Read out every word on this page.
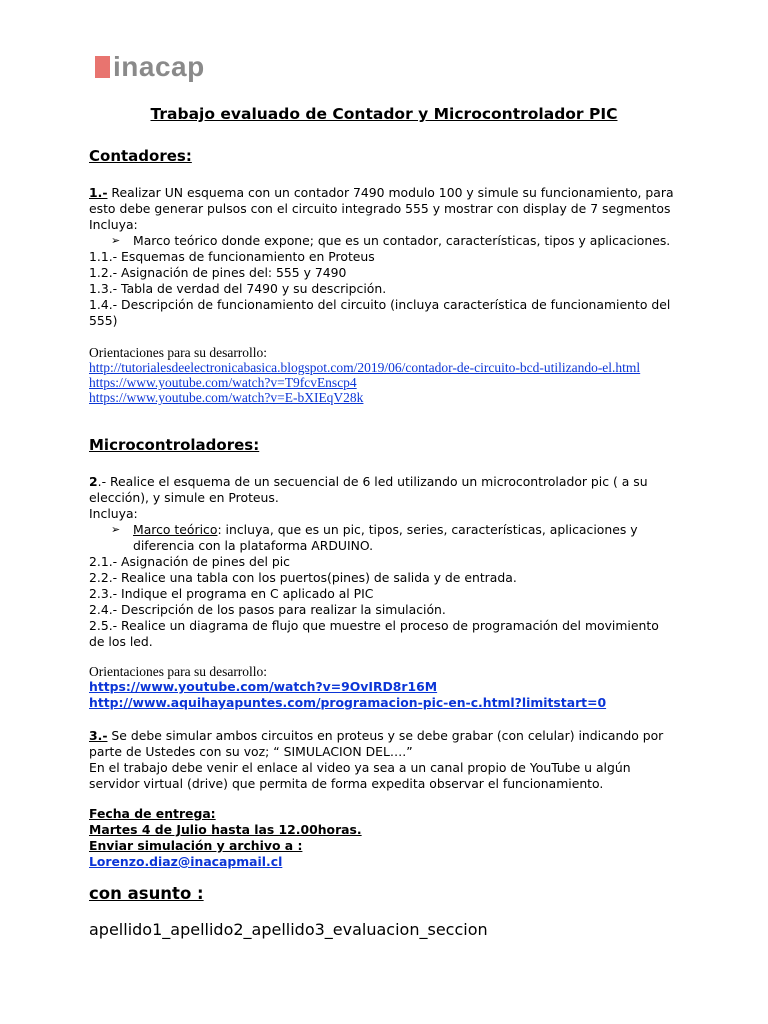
inacap
Trabajo evaluado de Contador y Microcontrolador PIC
Contadores:

1.- Realizar UN esquema con un contador 7490 modulo 100 y simule su funcionamiento, para esto debe generar pulsos con el circuito integrado 555 y mostrar con display de 7 segmentos

Incluya:

➢	Marco teórico donde expone; que es un contador, características, tipos y aplicaciones.

1.1.- Esquemas de funcionamiento en Proteus

1.2.- Asignación de pines del: 555 y 7490

1.3.- Tabla de verdad del 7490 y su descripción.

1.4.- Descripción de funcionamiento del circuito (incluya característica de funcionamiento del 555)

Orientaciones para su desarrollo:

http://tutorialesdeelectronicabasica.blogspot.com/2019/06/contador-de-circuito-bcd-utilizando-el.html

https://www.youtube.com/watch?v=T9fcvEnscp4

https://www.youtube.com/watch?v=E-bXIEqV28k

Microcontroladores:

2.- Realice el esquema de un secuencial de 6 led utilizando un microcontrolador pic ( a su elección), y simule en Proteus.

Incluya:

➢	Marco teórico: incluya, que es un pic, tipos, series, características, aplicaciones y diferencia con la plataforma ARDUINO.

2.1.- Asignación de pines del pic

2.2.- Realice una tabla con los puertos(pines) de salida y de entrada.

2.3.- Indique el programa en C aplicado al PIC

2.4.- Descripción de los pasos para realizar la simulación.

2.5.- Realice un diagrama de flujo que muestre el proceso de programación del movimiento de los led.

Orientaciones para su desarrollo:

https://www.youtube.com/watch?v=9OvIRD8r16M

http://www.aquihayapuntes.com/programacion-pic-en-c.html?limitstart=0

3.- Se debe simular ambos circuitos en proteus y se debe grabar (con celular) indicando por parte de Ustedes con su voz; “ SIMULACION DEL….”

En el trabajo debe venir el enlace al video ya sea a un canal propio de YouTube u algún servidor virtual (drive) que permita de forma expedita observar el funcionamiento.

Fecha de entrega:

Martes 4 de Julio hasta las 12.00horas.

Enviar simulación y archivo a :

Lorenzo.diaz@inacapmail.cl

con asunto :
apellido1_apellido2_apellido3_evaluacion_seccion
